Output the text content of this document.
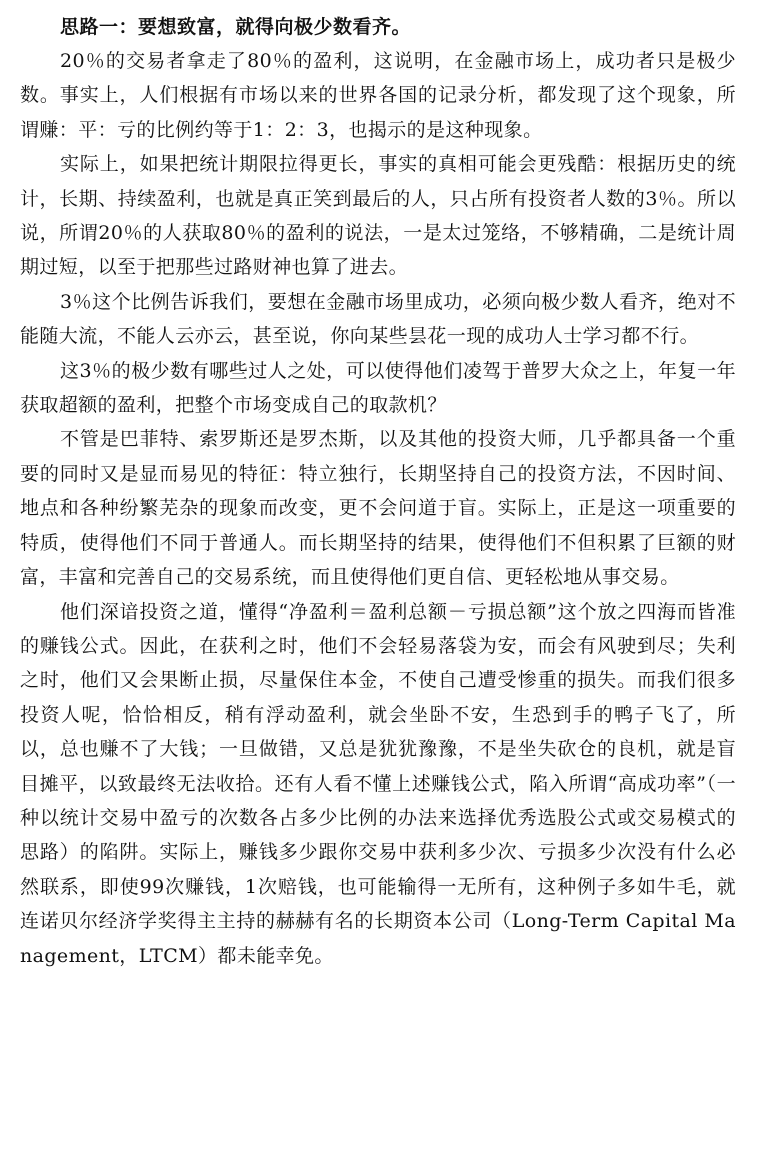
思路一：要想致富，就得向极少数看齐。

20％的交易者拿走了80％的盈利，这说明，在金融市场上，成功者只是极少数。事实上，人们根据有市场以来的世界各国的记录分析，都发现了这个现象，所谓赚：平：亏的比例约等于1：2：3，也揭示的是这种现象。

实际上，如果把统计期限拉得更长，事实的真相可能会更残酷：根据历史的统计，长期、持续盈利，也就是真正笑到最后的人，只占所有投资者人数的3％。所以说，所谓20％的人获取80％的盈利的说法，一是太过笼络，不够精确，二是统计周期过短，以至于把那些过路财神也算了进去。

3％这个比例告诉我们，要想在金融市场里成功，必须向极少数人看齐，绝对不能随大流，不能人云亦云，甚至说，你向某些昙花一现的成功人士学习都不行。

这3％的极少数有哪些过人之处，可以使得他们凌驾于普罗大众之上，年复一年获取超额的盈利，把整个市场变成自己的取款机？

不管是巴菲特、索罗斯还是罗杰斯，以及其他的投资大师，几乎都具备一个重要的同时又是显而易见的特征：特立独行，长期坚持自己的投资方法，不因时间、地点和各种纷繁芜杂的现象而改变，更不会问道于盲。实际上，正是这一项重要的特质，使得他们不同于普通人。而长期坚持的结果，使得他们不但积累了巨额的财富，丰富和完善自己的交易系统，而且使得他们更自信、更轻松地从事交易。

他们深谙投资之道，懂得“净盈利＝盈利总额－亏损总额”这个放之四海而皆准的赚钱公式。因此，在获利之时，他们不会轻易落袋为安，而会有风驶到尽；失利之时，他们又会果断止损，尽量保住本金，不使自己遭受惨重的损失。而我们很多投资人呢，恰恰相反，稍有浮动盈利，就会坐卧不安，生恐到手的鸭子飞了，所以，总也赚不了大钱；一旦做错，又总是犹犹豫豫，不是坐失砍仓的良机，就是盲目摊平，以致最终无法收拾。还有人看不懂上述赚钱公式，陷入所谓“高成功率”（一种以统计交易中盈亏的次数各占多少比例的办法来选择优秀选股公式或交易模式的思路）的陷阱。实际上，赚钱多少跟你交易中获利多少次、亏损多少次没有什么必然联系，即使99次赚钱，1次赔钱，也可能输得一无所有，这种例子多如牛毛，就连诺贝尔经济学奖得主主持的赫赫有名的长期资本公司（Long-Term Capital Management，LTCM）都未能幸免。
